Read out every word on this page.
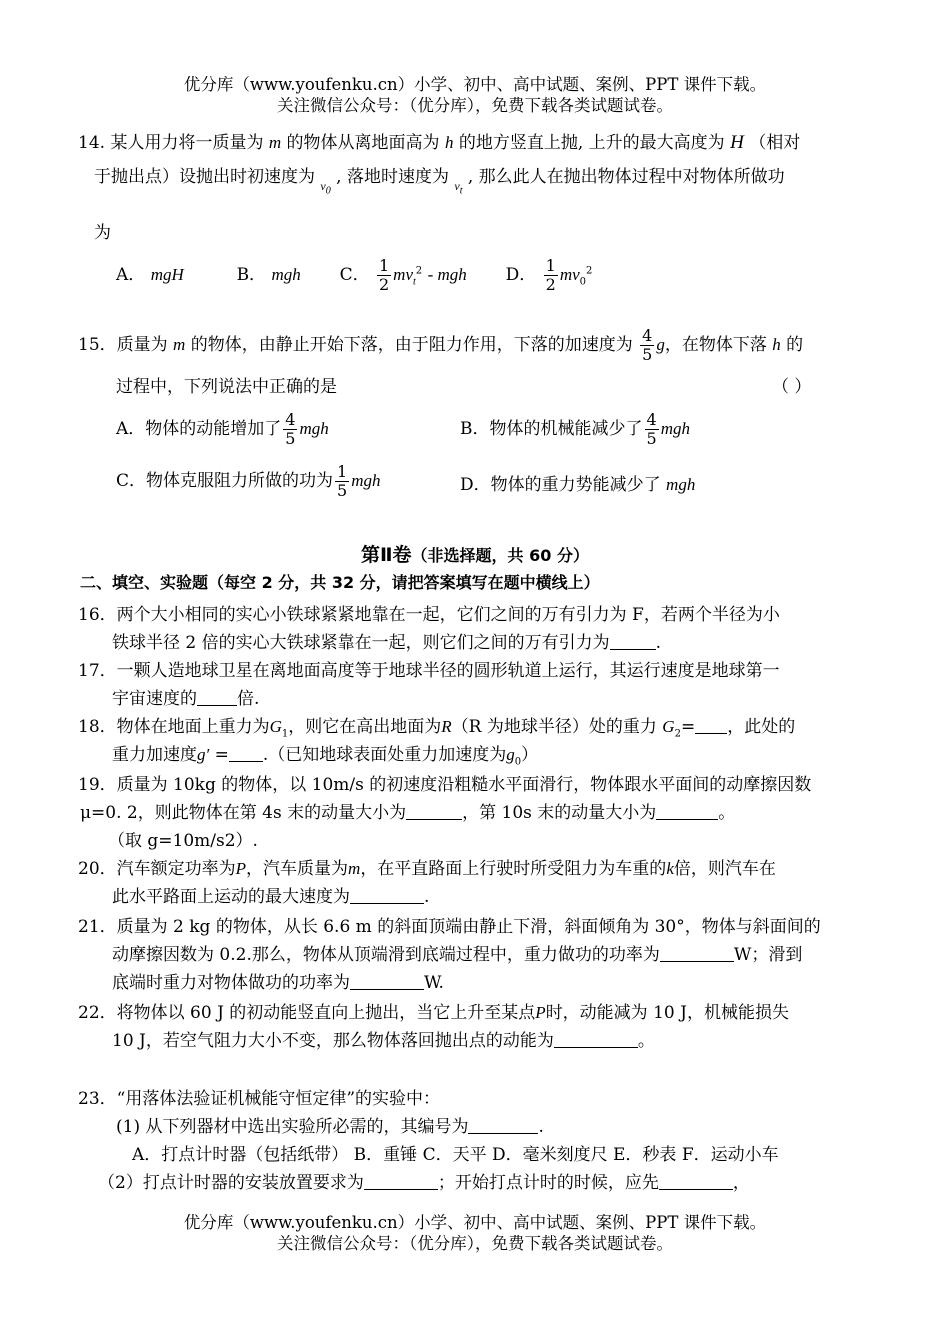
优分库（www.youfenku.cn）小学、初中、高中试题、案例、PPT 课件下载。
关注微信公众号：（优分库），免费下载各类试题试卷。
14. 某人用力将一质量为 m 的物体从离地面高为 h 的地方竖直上抛, 上升的最大高度为 H （相对
于抛出点）设抛出时初速度为 $_{v_0}$ , 落地时速度为 $_{v_t}$ , 那么此人在抛出物体过程中对物体所做功
为
A． mgH	B． mgh C． $\frac{1}{2} mv_t^2$ - mgh D． $\frac{1}{2} mv_0^2$
15．质量为 m 的物体，由静止开始下落，由于阻力作用，下落的加速度为 $\frac{4}{5}$ g，在物体下落 h 的
过程中，下列说法中正确的是	（ ）
A．物体的动能增加了 $\frac{4}{5}$ mgh	B．物体的机械能减少了 $\frac{4}{5}$ mgh
C．物体克服阻力所做的功为 $\frac{1}{5}$ mgh	D．物体的重力势能减少了 mgh
第Ⅱ卷（非选择题，共 60 分）
二、填空、实验题（每空 2 分，共 32 分，请把答案填写在题中横线上）
16．两个大小相同的实心小铁球紧紧地靠在一起，它们之间的万有引力为 F，若两个半径为小
铁球半径 2 倍的实心大铁球紧靠在一起，则它们之间的万有引力为	.
17．一颗人造地球卫星在离地面高度等于地球半径的圆形轨道上运行，其运行速度是地球第一
宇宙速度的 倍.
18．物体在地面上重力为$G_1$，则它在高出地面为R（R 为地球半径）处的重力 $G_2=$ ，此处的
重力加速度g′ = .（已知地球表面处重力加速度为$g_0$）
19．质量为 10kg 的物体，以 10m/s 的初速度沿粗糙水平面滑行，物体跟水平面间的动摩擦因数
μ=0. 2，则此物体在第 4s 末的动量大小为	，第 10s 末的动量大小为	。
（取 g=10m/s2）.
20．汽车额定功率为P，汽车质量为m，在平直路面上行驶时所受阻力为车重的k倍，则汽车在
此水平路面上运动的最大速度为	.
21．质量为 2 kg 的物体，从长 6.6 m 的斜面顶端由静止下滑，斜面倾角为 30°，物体与斜面间的
动摩擦因数为 0.2.那么，物体从顶端滑到底端过程中，重力做功的功率为	W；滑到
底端时重力对物体做功的功率为	W.
22．将物体以 60 J 的初动能竖直向上抛出，当它上升至某点P时，动能减为 10 J，机械能损失
10 J，若空气阻力大小不变，那么物体落回抛出点的动能为	。
23．“用落体法验证机械能守恒定律”的实验中：
(1) 从下列器材中选出实验所必需的，其编号为	.
A．打点计时器（包括纸带） B．重锤 C．天平 D．毫米刻度尺 E．秒表 F．运动小车
（2）打点计时器的安装放置要求为	；开始打点计时的时候，应先	，
优分库（www.youfenku.cn）小学、初中、高中试题、案例、PPT 课件下载。
关注微信公众号：（优分库），免费下载各类试题试卷。
